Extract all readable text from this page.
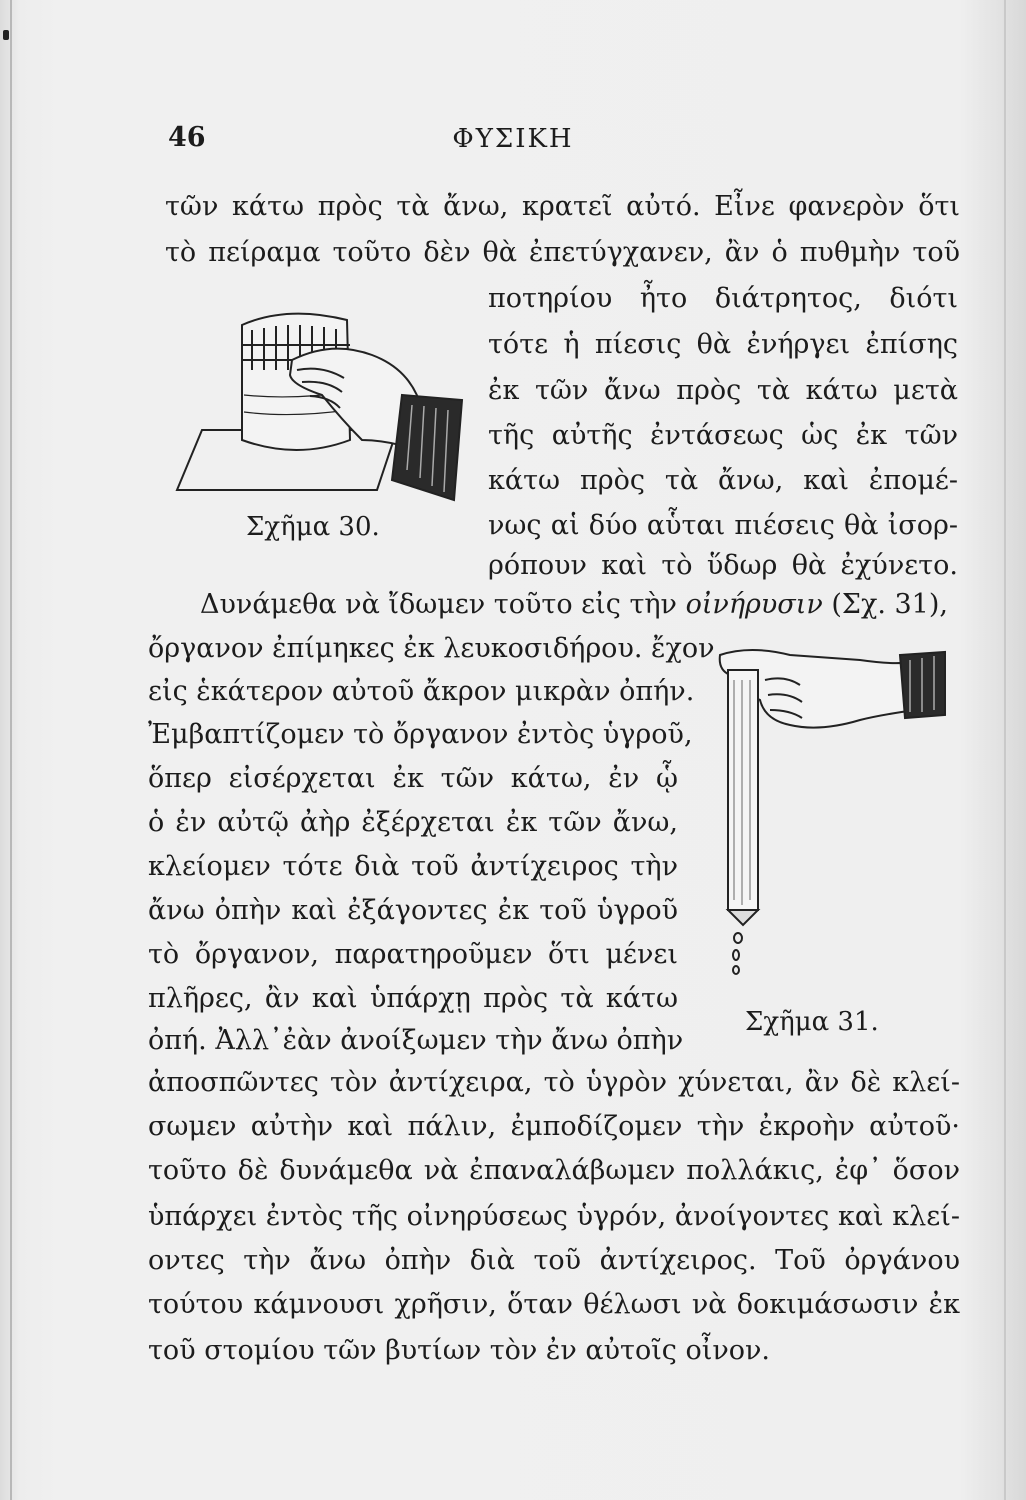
46	ΦΥΣΙΚΗ
τῶν κάτω πρὸς τὰ ἄνω, κρατεῖ αὐτό. Εἶνε φανερὸν ὅτι
τὸ πείραμα τοῦτο δὲν θὰ ἐπετύγχανεν, ἂν ὁ πυθμὴν τοῦ
ποτηρίου ἦτο διάτρητος, διότι
τότε ἡ πίεσις θὰ ἐνήργει ἐπίσης
ἐκ τῶν ἄνω πρὸς τὰ κάτω μετὰ
τῆς αὐτῆς ἐντάσεως ὡς ἐκ τῶν
κάτω πρὸς τὰ ἄνω, καὶ ἐπομέ-
νως αἱ δύο αὗται πιέσεις θὰ ἰσορ-
ρόπουν καὶ τὸ ὕδωρ θὰ ἐχύνετο.
Σχῆμα 30.
Δυνάμεθα νὰ ἴδωμεν τοῦτο εἰς τὴν οἰνήρυσιν (Σχ. 31),
ὄργανον ἐπίμηκες ἐκ λευκοσιδήρου. ἔχον
εἰς ἑκάτερον αὐτοῦ ἄκρον μικρὰν ὀπήν.
Ἐμβαπτίζομεν τὸ ὄργανον ἐντὸς ὑγροῦ,
ὅπερ εἰσέρχεται ἐκ τῶν κάτω, ἐν ᾧ
ὁ ἐν αὐτῷ ἀὴρ ἐξέρχεται ἐκ τῶν ἄνω,
κλείομεν τότε διὰ τοῦ ἀντίχειρος τὴν
ἄνω ὀπὴν καὶ ἐξάγοντες ἐκ τοῦ ὑγροῦ
τὸ ὄργανον, παρατηροῦμεν ὅτι μένει
πλῆρες, ἂν καὶ ὑπάρχῃ πρὸς τὰ κάτω
ὀπή. Ἀλλ᾽ἐὰν ἀνοίξωμεν τὴν ἄνω ὀπὴν
Σχῆμα 31.
ἀποσπῶντες τὸν ἀντίχειρα, τὸ ὑγρὸν χύνεται, ἂν δὲ κλεί-
σωμεν αὐτὴν καὶ πάλιν, ἐμποδίζομεν τὴν ἐκροὴν αὐτοῦ·
τοῦτο δὲ δυνάμεθα νὰ ἐπαναλάβωμεν πολλάκις, ἐφ᾽ ὅσον
ὑπάρχει ἐντὸς τῆς οἰνηρύσεως ὑγρόν, ἀνοίγοντες καὶ κλεί-
οντες τὴν ἄνω ὀπὴν διὰ τοῦ ἀντίχειρος. Τοῦ ὀργάνου
τούτου κάμνουσι χρῆσιν, ὅταν θέλωσι νὰ δοκιμάσωσιν ἐκ
τοῦ στομίου τῶν βυτίων τὸν ἐν αὐτοῖς οἶνον.
